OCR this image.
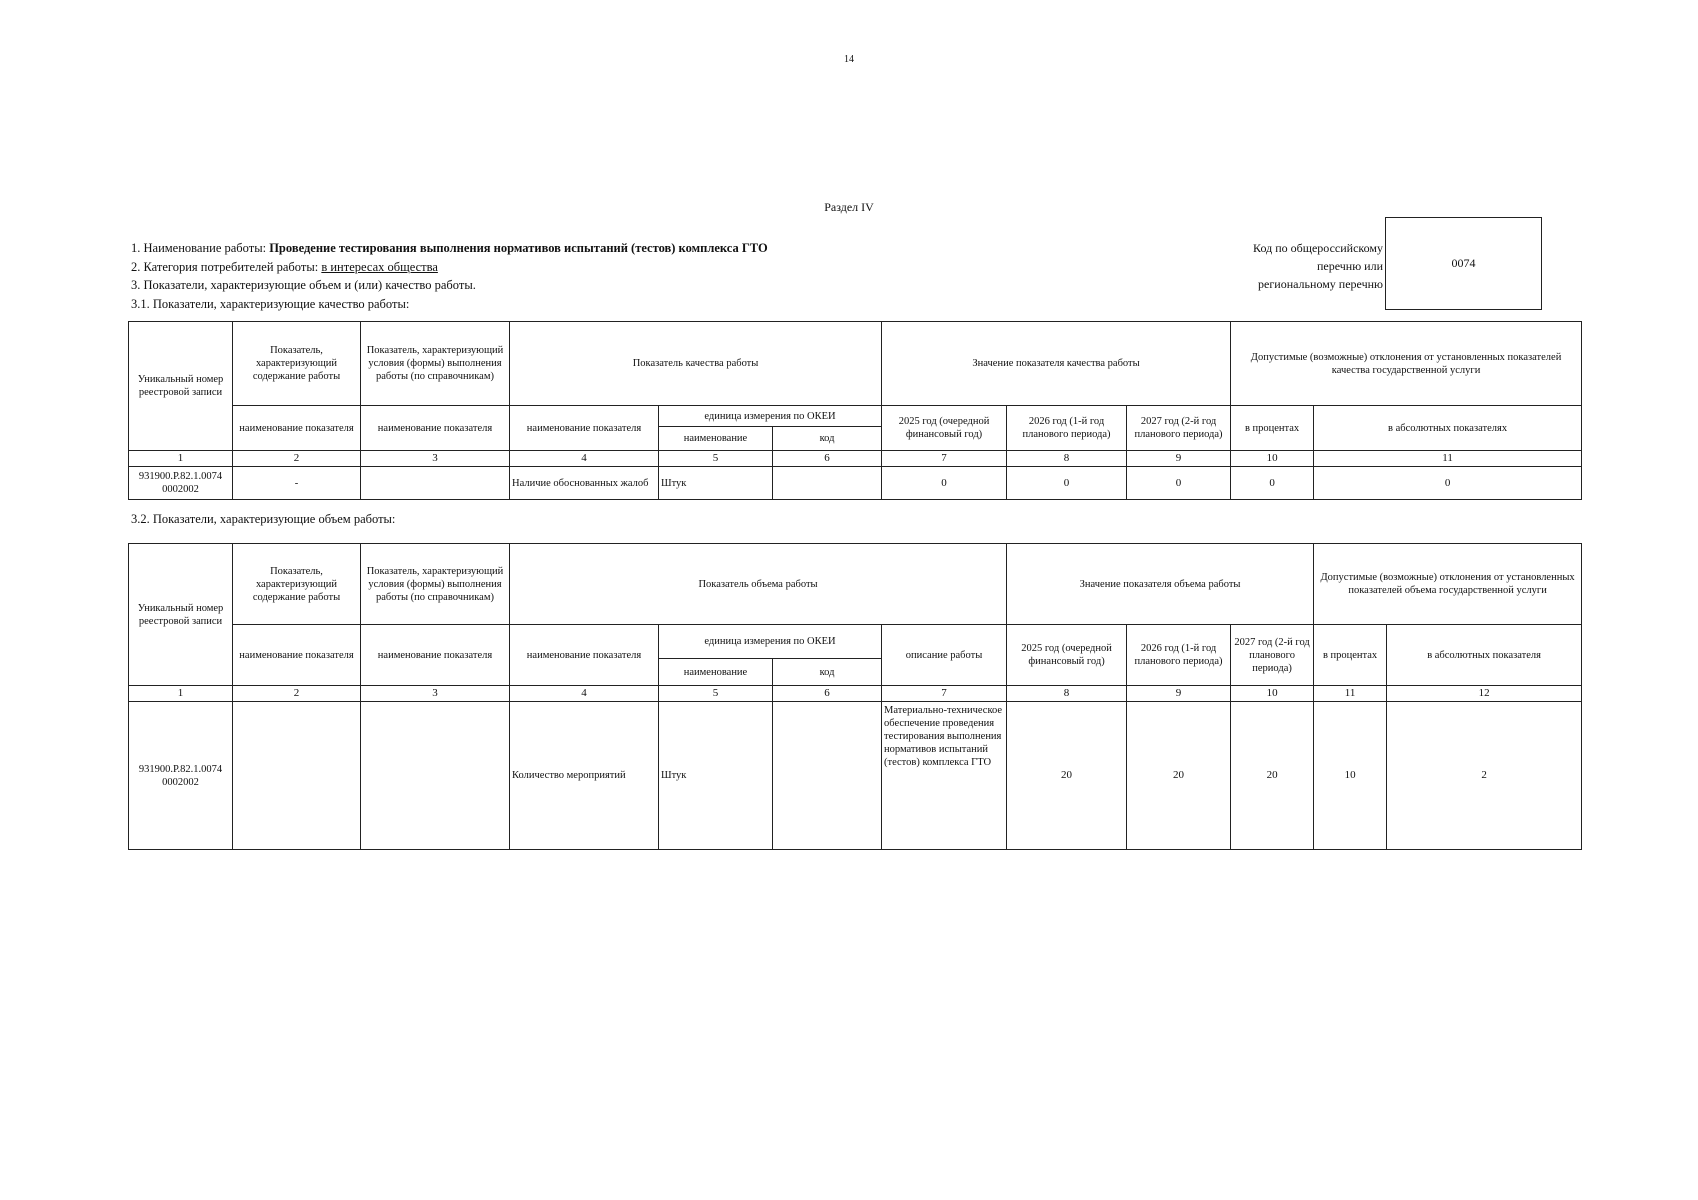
14
Раздел IV
1. Наименование работы: Проведение тестирования выполнения нормативов испытаний (тестов) комплекса ГТО
2. Категория потребителей работы: в интересах общества
3. Показатели, характеризующие объем и (или) качество работы.
3.1. Показатели, характеризующие качество работы:
Код по общероссийскому
перечню или
региональному перечню
0074
Уникальный номер реестровой записи	Показатель, характеризующий содержание работы	Показатель, характеризующий условия (формы) выполнения работы (по справочникам)	Показатель качества работы			Значение показателя качества работы			Допустимые (возможные) отклонения от установленных показателей качества государственной услуги	
	наименование показателя	наименование показателя	наименование показателя	единица измерения по ОКЕИ		2025 год (очередной финансовый год)	2026 год (1-й год планового периода)	2027 год (2-й год планового периода)	в процентах	в абсолютных показателях
				наименование	код					
1	2	3	4	5	6	7	8	9	10	11
931900.Р.82.1.0074 0002002	-		Наличие обоснованных жалоб	Штук		0	0	0	0	0
3.2. Показатели, характеризующие объем работы:
Уникальный номер реестровой записи	Показатель, характеризующий содержание работы	Показатель, характеризующий условия (формы) выполнения работы (по справочникам)	Показатель объема работы				Значение показателя объема работы			Допустимые (возможные) отклонения от установленных показателей объема государственной услуги	
	наименование показателя	наименование показателя	наименование показателя	единица измерения по ОКЕИ		описание работы	2025 год (очередной финансовый год)	2026 год (1-й год планового периода)	2027 год (2-й год планового периода)	в процентах	в абсолютных показателя
				наименование	код						
1	2	3	4	5	6	7	8	9	10	11	12
931900.Р.82.1.0074 0002002			Количество мероприятий	Штук		Материально-техническое обеспечение проведения тестирования выполнения нормативов испытаний (тестов) комплекса ГТО	20	20	20	10	2
